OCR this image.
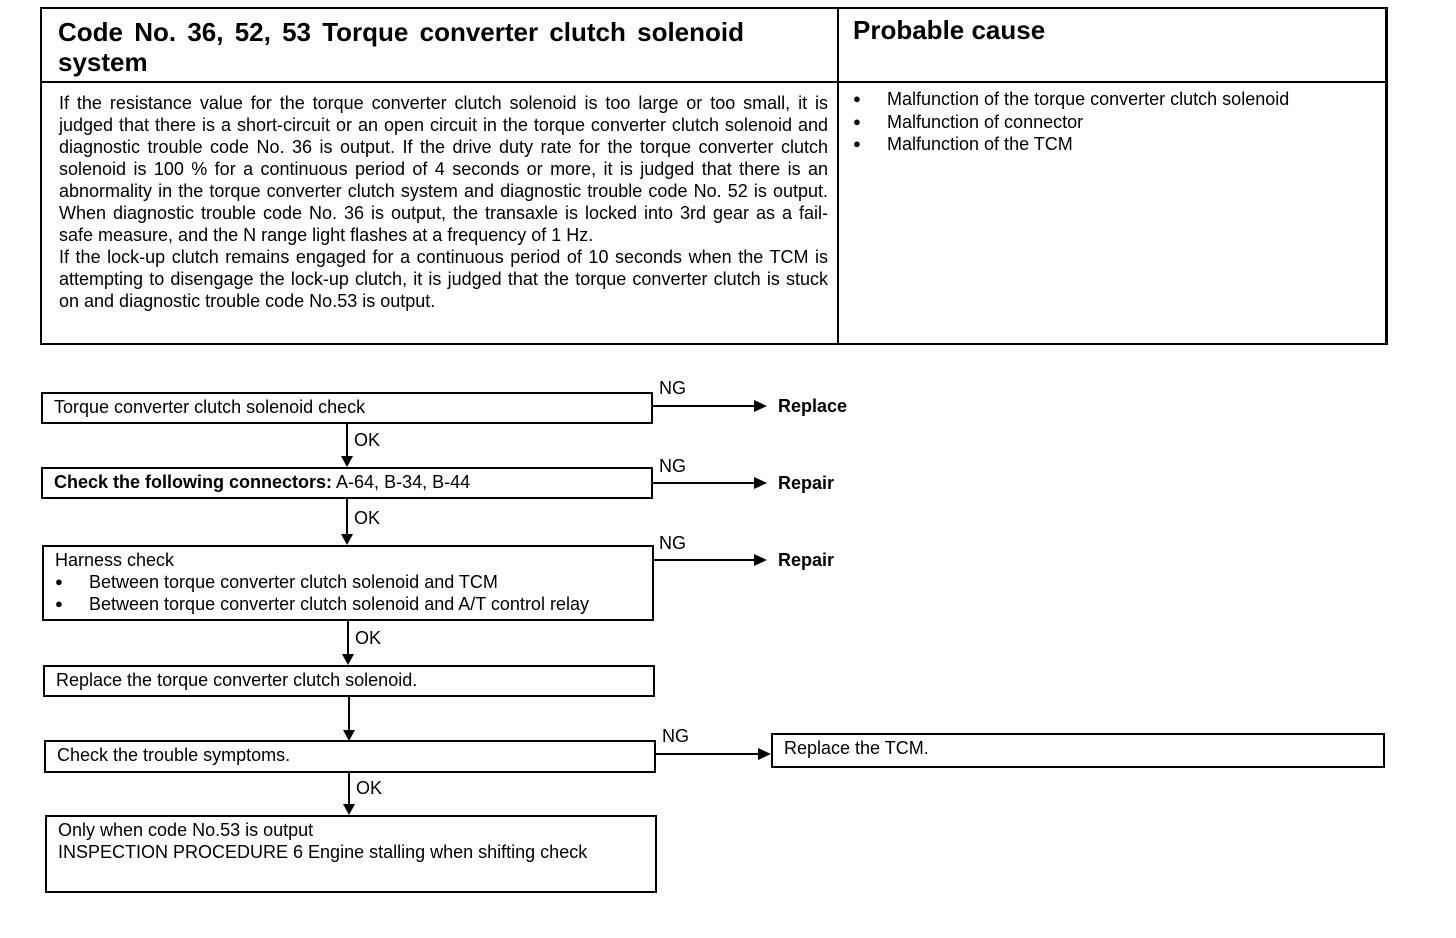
Code No. 36, 52, 53 Torque converter clutch solenoid system
Probable cause

If the resistance value for the torque converter clutch solenoid is too large or too small, it is judged that there is a short-circuit or an open circuit in the torque converter clutch solenoid and diagnostic trouble code No. 36 is output. If the drive duty rate for the torque converter clutch solenoid is 100 % for a continuous period of 4 seconds or more, it is judged that there is an abnormality in the torque converter clutch system and diagnostic trouble code No. 52 is output. When diagnostic trouble code No. 36 is output, the transaxle is locked into 3rd gear as a fail-safe measure, and the N range light flashes at a frequency of 1 Hz.

If the lock-up clutch remains engaged for a continuous period of 10 seconds when the TCM is attempting to disengage the lock-up clutch, it is judged that the torque converter clutch is stuck on and diagnostic trouble code No.53 is output.

● Malfunction of the torque converter clutch solenoid
● Malfunction of connector
● Malfunction of the TCM
Torque converter clutch solenoid check
NG
Replace
OK
Check the following connectors: A-64, B-34, B-44
NG
Repair
OK
Harness check
● Between torque converter clutch solenoid and TCM
● Between torque converter clutch solenoid and A/T control relay
NG
Repair
OK
Replace the torque converter clutch solenoid.
Check the trouble symptoms.
NG
Replace the TCM.
OK
Only when code No.53 is output
INSPECTION PROCEDURE 6 Engine stalling when shifting check
